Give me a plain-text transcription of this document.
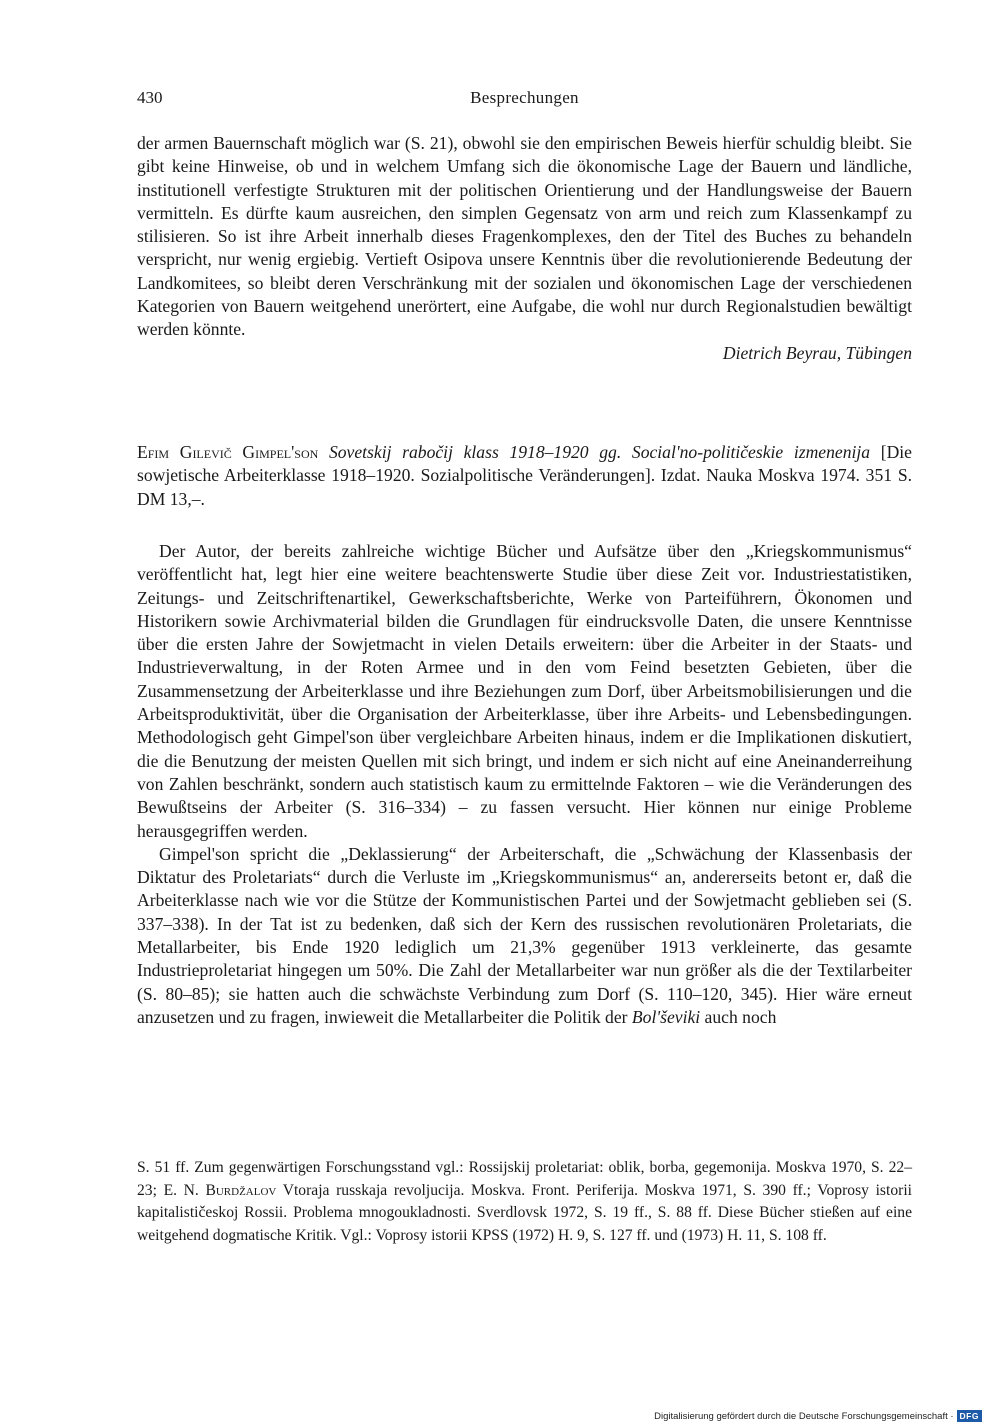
430	Besprechungen

der armen Bauernschaft möglich war (S. 21), obwohl sie den empirischen Beweis hierfür schuldig bleibt. Sie gibt keine Hinweise, ob und in welchem Umfang sich die ökonomische Lage der Bauern und ländliche, institutionell verfestigte Strukturen mit der politischen Orientierung und der Handlungsweise der Bauern vermitteln. Es dürfte kaum ausreichen, den simplen Gegensatz von arm und reich zum Klassenkampf zu stilisieren. So ist ihre Arbeit innerhalb dieses Fragenkomplexes, den der Titel des Buches zu behandeln verspricht, nur wenig ergiebig. Vertieft Osipova unsere Kenntnis über die revolutionierende Bedeutung der Landkomitees, so bleibt deren Verschränkung mit der sozialen und ökonomischen Lage der verschiedenen Kategorien von Bauern weitgehend unerörtert, eine Aufgabe, die wohl nur durch Regionalstudien bewältigt werden könnte.

Dietrich Beyrau, Tübingen

Efim Gilevič Gimpel'son Sovetskij rabočij klass 1918–1920 gg. Social'no-političeskie izmenenija [Die sowjetische Arbeiterklasse 1918–1920. Sozialpolitische Veränderungen]. Izdat. Nauka Moskva 1974. 351 S. DM 13,–.

Der Autor, der bereits zahlreiche wichtige Bücher und Aufsätze über den „Kriegskommunismus“ veröffentlicht hat, legt hier eine weitere beachtenswerte Studie über diese Zeit vor. Industriestatistiken, Zeitungs- und Zeitschriftenartikel, Gewerkschaftsberichte, Werke von Parteiführern, Ökonomen und Historikern sowie Archivmaterial bilden die Grundlagen für eindrucksvolle Daten, die unsere Kenntnisse über die ersten Jahre der Sowjetmacht in vielen Details erweitern: über die Arbeiter in der Staats- und Industrieverwaltung, in der Roten Armee und in den vom Feind besetzten Gebieten, über die Zusammensetzung der Arbeiterklasse und ihre Beziehungen zum Dorf, über Arbeitsmobilisierungen und die Arbeitsproduktivität, über die Organisation der Arbeiterklasse, über ihre Arbeits- und Lebensbedingungen. Methodologisch geht Gimpel'son über vergleichbare Arbeiten hinaus, indem er die Implikationen diskutiert, die die Benutzung der meisten Quellen mit sich bringt, und indem er sich nicht auf eine Aneinanderreihung von Zahlen beschränkt, sondern auch statistisch kaum zu ermittelnde Faktoren – wie die Veränderungen des Bewußtseins der Arbeiter (S. 316–334) – zu fassen versucht. Hier können nur einige Probleme herausgegriffen werden.

Gimpel'son spricht die „Deklassierung“ der Arbeiterschaft, die „Schwächung der Klassenbasis der Diktatur des Proletariats“ durch die Verluste im „Kriegskommunismus“ an, andererseits betont er, daß die Arbeiterklasse nach wie vor die Stütze der Kommunistischen Partei und der Sowjetmacht geblieben sei (S. 337–338). In der Tat ist zu bedenken, daß sich der Kern des russischen revolutionären Proletariats, die Metallarbeiter, bis Ende 1920 lediglich um 21,3% gegenüber 1913 verkleinerte, das gesamte Industrieproletariat hingegen um 50%. Die Zahl der Metallarbeiter war nun größer als die der Textilarbeiter (S. 80–85); sie hatten auch die schwächste Verbindung zum Dorf (S. 110–120, 345). Hier wäre erneut anzusetzen und zu fragen, inwieweit die Metallarbeiter die Politik der Bol'ševiki auch noch

S. 51 ff. Zum gegenwärtigen Forschungsstand vgl.: Rossijskij proletariat: oblik, borba, gegemonija. Moskva 1970, S. 22–23; E. N. Burdžalov Vtoraja russkaja revoljucija. Moskva. Front. Periferija. Moskva 1971, S. 390 ff.; Voprosy istorii kapitalističeskoj Rossii. Problema mnogoukladnosti. Sverdlovsk 1972, S. 19 ff., S. 88 ff. Diese Bücher stießen auf eine weitgehend dogmatische Kritik. Vgl.: Voprosy istorii KPSS (1972) H. 9, S. 127 ff. und (1973) H. 11, S. 108 ff.
Digitalisierung gefördert durch die Deutsche Forschungsgemeinschaft · DFG
